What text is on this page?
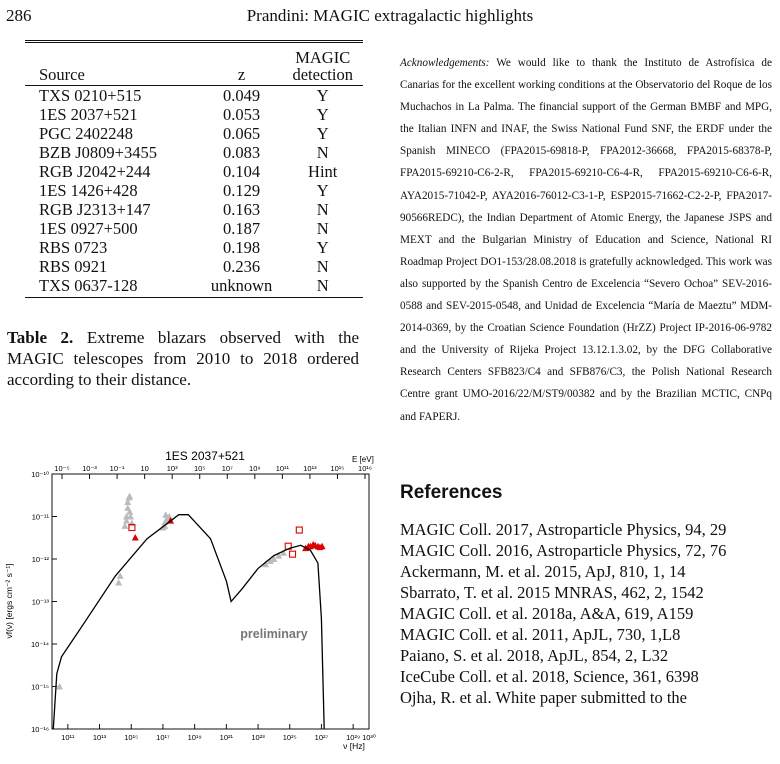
286	Prandini: MAGIC extragalactic highlights
		MAGIC
Source	z	detection
TXS 0210+515	0.049	Y
1ES 2037+521	0.053	Y
PGC 2402248	0.065	Y
BZB J0809+3455	0.083	N
RGB J2042+244	0.104	Hint
1ES 1426+428	0.129	Y
RGB J2313+147	0.163	N
1ES 0927+500	0.187	N
RBS 0723	0.198	Y
RBS 0921	0.236	N
TXS 0637-128	unknown	N
Table 2. Extreme blazars observed with the MAGIC telescopes from 2010 to 2018 ordered according to their distance.
1ES 2037+521	E [eV]
10¹¹ 10¹³ 10¹⁵ 10¹⁷ 10¹⁹ 10²¹ 10²³ 10²⁵ 10²⁷ 10²⁹ 10³⁰
10⁻⁵ 10⁻³ 10⁻¹ 10 10³ 10⁵ 10⁷ 10⁹ 10¹¹ 10¹³ 10¹⁵ 10¹⁶
10⁻¹⁶
10⁻¹⁵
10⁻¹⁴
10⁻¹³
10⁻¹²
10⁻¹¹
10⁻¹⁰
preliminary
νf(ν) [ergs cm⁻² s⁻¹]
ν [Hz]
Acknowledgements: We would like to thank the Instituto de Astrofísica de Canarias for the excellent working conditions at the Observatorio del Roque de los Muchachos in La Palma. The financial support of the German BMBF and MPG, the Italian INFN and INAF, the Swiss National Fund SNF, the ERDF under the Spanish MINECO (FPA2015-69818-P, FPA2012-36668, FPA2015-68378-P, FPA2015-69210-C6-2-R, FPA2015-69210-C6-4-R, FPA2015-69210-C6-6-R, AYA2015-71042-P, AYA2016-76012-C3-1-P, ESP2015-71662-C2-2-P, FPA201790566REDC), the Indian Department of Atomic Energy, the Japanese JSPS and MEXT and the Bulgarian Ministry of Education and Science, National RI Roadmap Project DO1-153/28.08.2018 is gratefully acknowledged. This work was also supported by the Spanish Centro de Excelencia “Severo Ochoa” SEV-2016-0588 and SEV-2015-0548, and Unidad de Excelencia “María de Maeztu” MDM-2014-0369, by the Croatian Science Foundation (HrZZ) Project IP-2016-06-9782 and the University of Rijeka Project 13.12.1.3.02, by the DFG Collaborative Research Centers SFB823/C4 and SFB876/C3, the Polish National Research Centre grant UMO-2016/22/M/ST9/00382 and by the Brazilian MCTIC, CNPq and FAPERJ.
References
MAGIC Coll. 2017, Astroparticle Physics, 94, 29
MAGIC Coll. 2016, Astroparticle Physics, 72, 76
Ackermann, M. et al. 2015, ApJ, 810, 1, 14
Sbarrato, T. et al. 2015 MNRAS, 462, 2, 1542
MAGIC Coll. et al. 2018a, A&A, 619, A159
MAGIC Coll. et al. 2011, ApJL, 730, 1,L8
Paiano, S. et al. 2018, ApJL, 854, 2, L32
IceCube Coll. et al. 2018, Science, 361, 6398
Ojha, R. et al. White paper submitted to the
